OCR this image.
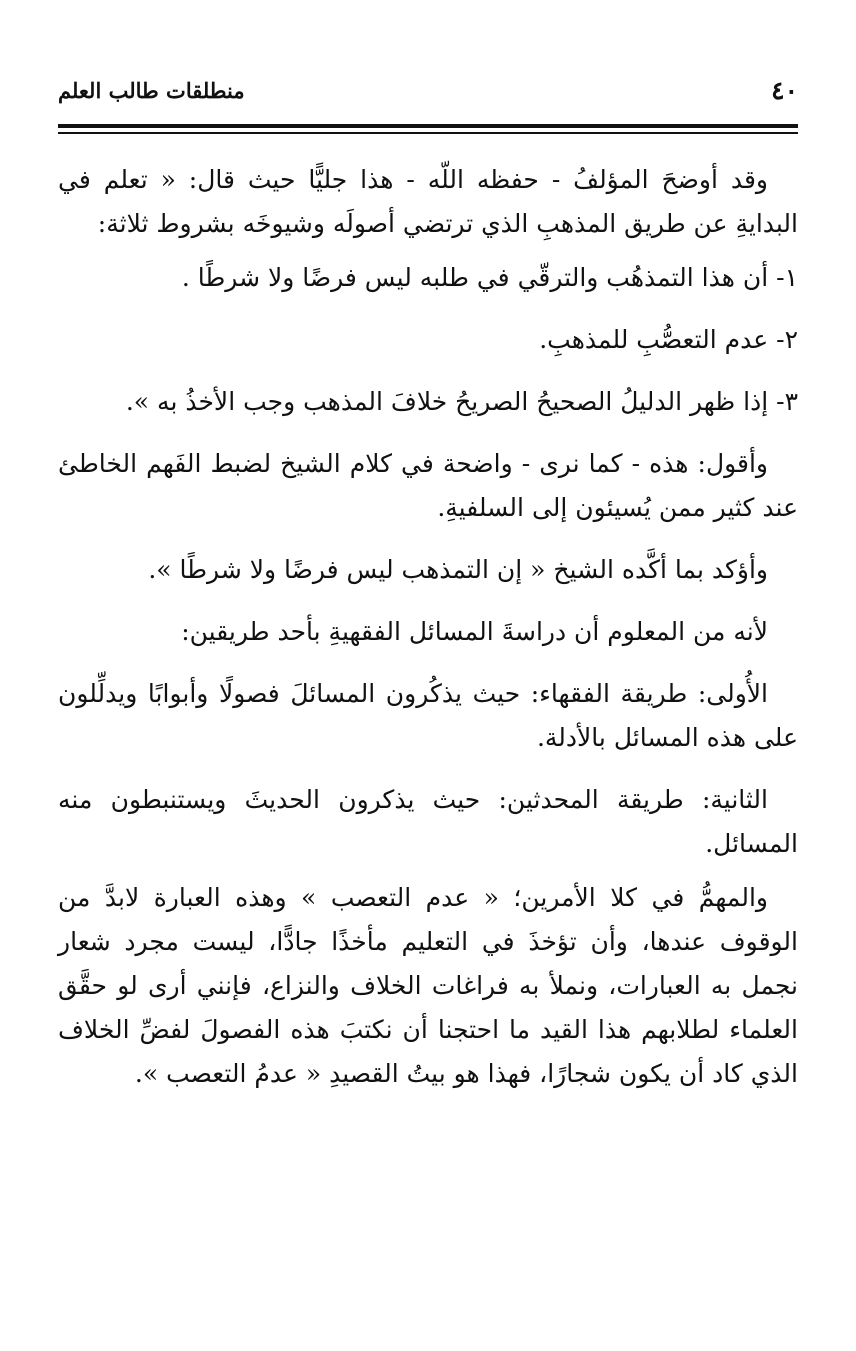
٤٠
منطلقات طالب العلم

وقد أوضحَ المؤلفُ - حفظه اللّه - هذا جليًّا حيث قال: « تعلم في البدايةِ عن طريق المذهبِ الذي ترتضي أصولَه وشيوخَه بشروط ثلاثة:

١- أن هذا التمذهُب والترقّي في طلبه ليس فرضًا ولا شرطًا .

٢- عدم التعصُّبِ للمذهبِ.

٣- إذا ظهر الدليلُ الصحيحُ الصريحُ خلافَ المذهب وجب الأخذُ به ».

وأقول: هذه - كما نرى - واضحة في كلام الشيخ لضبط الفَهم الخاطئ عند كثير ممن يُسيئون إلى السلفيةِ.

وأؤكد بما أكَّده الشيخ « إن التمذهب ليس فرضًا ولا شرطًا ».

لأنه من المعلوم أن دراسةَ المسائل الفقهيةِ بأحد طريقين:

الأُولى: طريقة الفقهاء: حيث يذكُرون المسائلَ فصولًا وأبوابًا ويدلِّلون على هذه المسائل بالأدلة.

الثانية: طريقة المحدثين: حيث يذكرون الحديثَ ويستنبطون منه المسائل.

والمهمُّ في كلا الأمرين؛ « عدم التعصب » وهذه العبارة لابدَّ من الوقوف عندها، وأن تؤخذَ في التعليم مأخذًا جادًّا، ليست مجرد شعار نجمل به العبارات، ونملأ به فراغات الخلاف والنزاع، فإنني أرى لو حقَّق العلماء لطلابهم هذا القيد ما احتجنا أن نكتبَ هذه الفصولَ لفضِّ الخلاف الذي كاد أن يكون شجارًا، فهذا هو بيتُ القصيدِ « عدمُ التعصب ».
